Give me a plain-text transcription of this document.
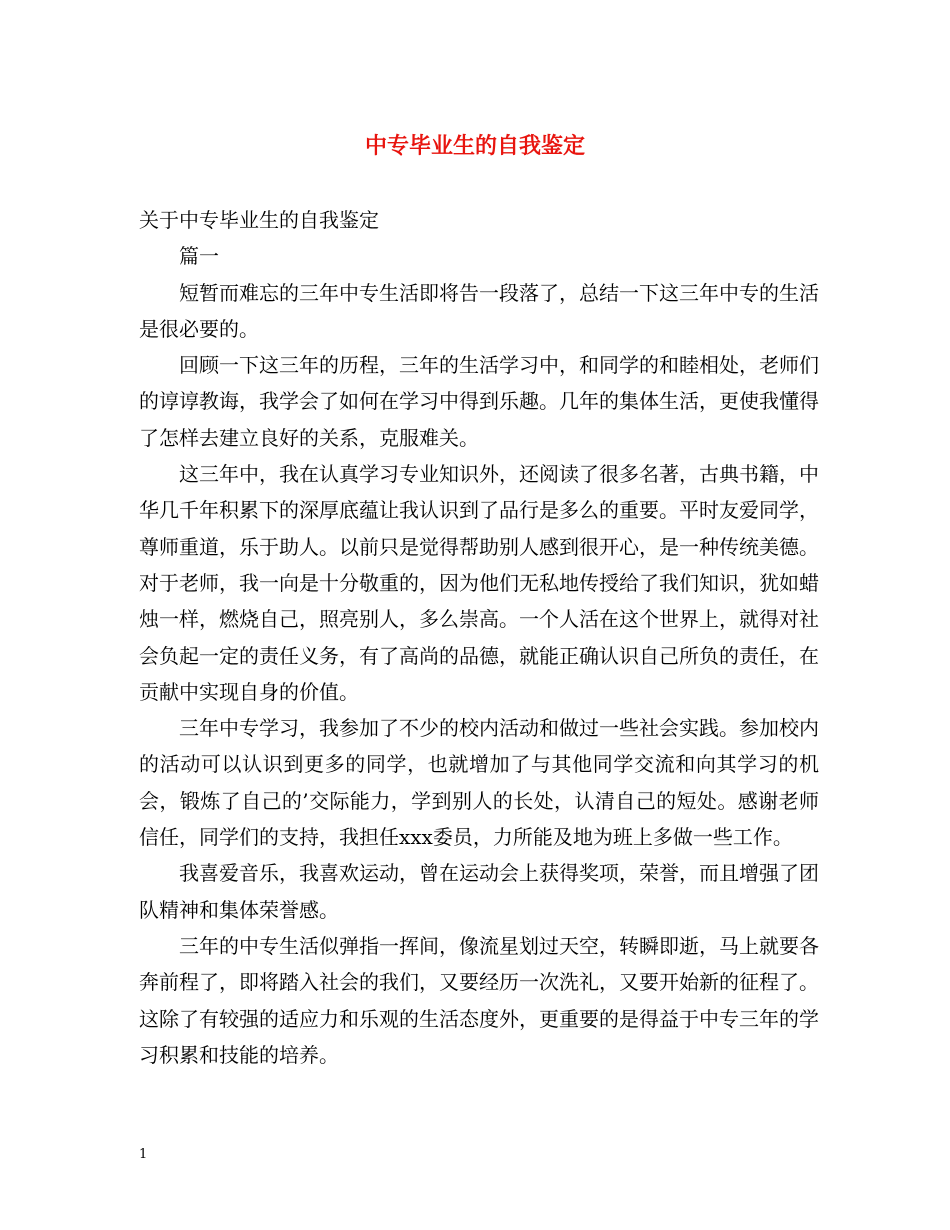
中专毕业生的自我鉴定

关于中专毕业生的自我鉴定

篇一

短暂而难忘的三年中专生活即将告一段落了，总结一下这三年中专的生活是很必要的。

回顾一下这三年的历程，三年的生活学习中，和同学的和睦相处，老师们的谆谆教诲，我学会了如何在学习中得到乐趣。几年的集体生活，更使我懂得了怎样去建立良好的关系，克服难关。

这三年中，我在认真学习专业知识外，还阅读了很多名著，古典书籍，中华几千年积累下的深厚底蕴让我认识到了品行是多么的重要。平时友爱同学，尊师重道，乐于助人。以前只是觉得帮助别人感到很开心，是一种传统美德。对于老师，我一向是十分敬重的，因为他们无私地传授给了我们知识，犹如蜡烛一样，燃烧自己，照亮别人，多么崇高。一个人活在这个世界上，就得对社会负起一定的责任义务，有了高尚的品德，就能正确认识自己所负的责任，在贡献中实现自身的价值。

三年中专学习，我参加了不少的校内活动和做过一些社会实践。参加校内的活动可以认识到更多的同学，也就增加了与其他同学交流和向其学习的机会，锻炼了自己的’交际能力，学到别人的长处，认清自己的短处。感谢老师信任，同学们的支持，我担任xxx委员，力所能及地为班上多做一些工作。

我喜爱音乐，我喜欢运动，曾在运动会上获得奖项，荣誉，而且增强了团队精神和集体荣誉感。

三年的中专生活似弹指一挥间，像流星划过天空，转瞬即逝，马上就要各奔前程了，即将踏入社会的我们，又要经历一次洗礼，又要开始新的征程了。这除了有较强的适应力和乐观的生活态度外，更重要的是得益于中专三年的学习积累和技能的培养。

1
